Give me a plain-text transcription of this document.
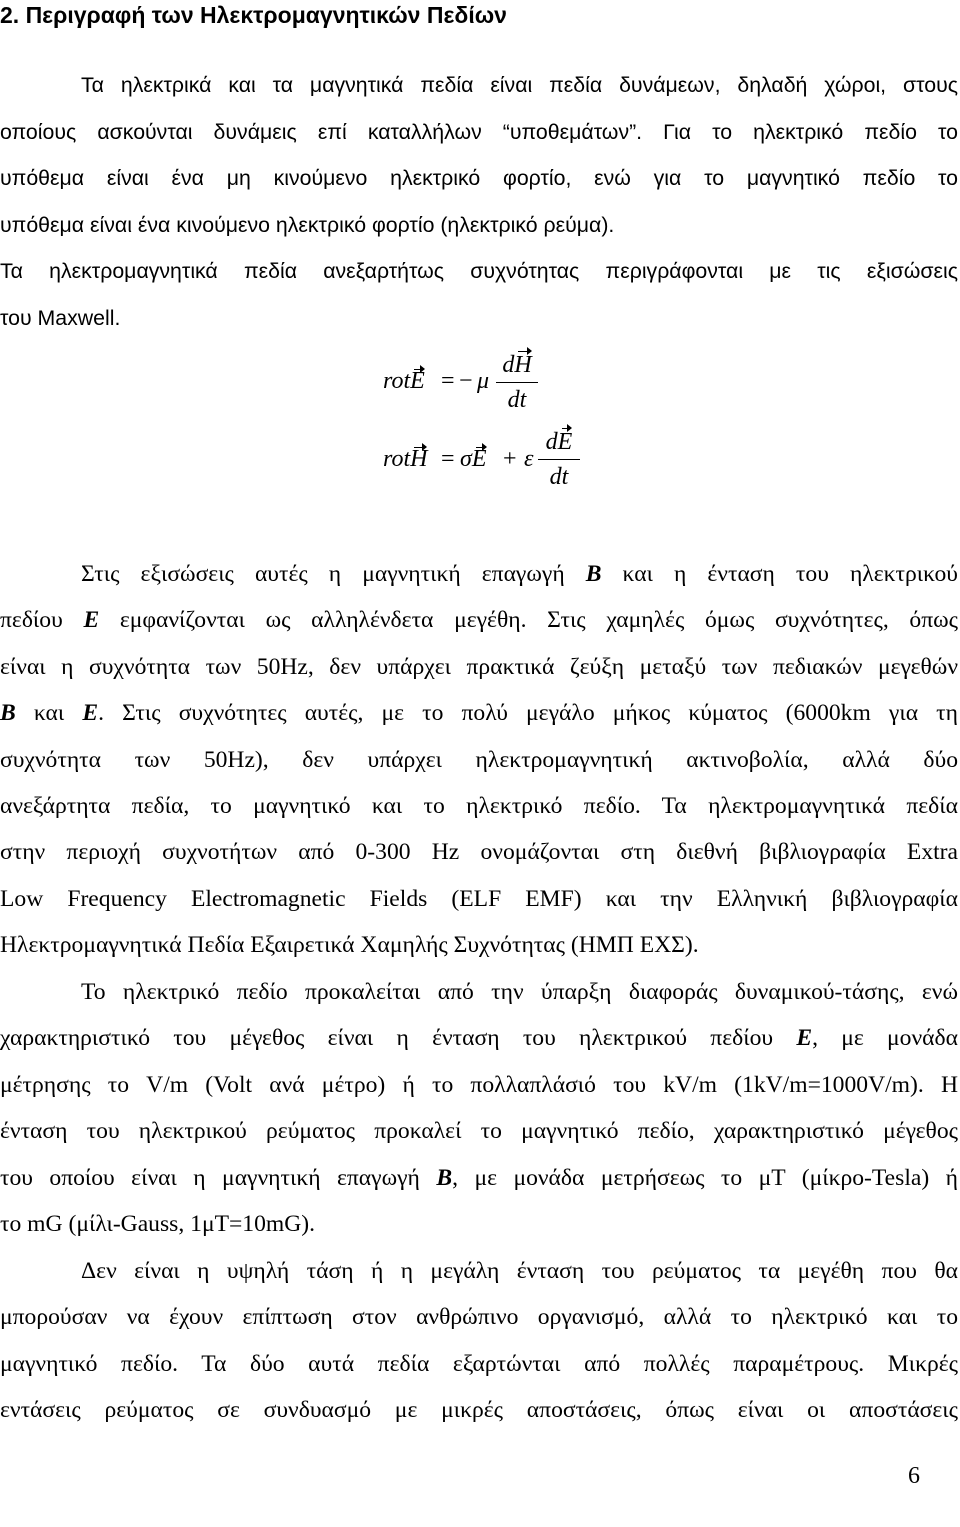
2. Περιγραφή των Ηλεκτρομαγνητικών Πεδίων
Τα ηλεκτρικά και τα μαγνητικά πεδία είναι πεδία δυνάμεων, δηλαδή χώροι, στους
οποίους ασκούνται δυνάμεις επί καταλλήλων “υποθεμάτων”. Για το ηλεκτρικό πεδίο το
υπόθεμα είναι ένα μη κινούμενο ηλεκτρικό φορτίο, ενώ για το μαγνητικό πεδίο το
υπόθεμα είναι ένα κινούμενο ηλεκτρικό φορτίο (ηλεκτρικό ρεύμα).
Τα ηλεκτρομαγνητικά πεδία ανεξαρτήτως συχνότητας περιγράφονται με τις εξισώσεις
του Maxwell.
rotE = − μ
dH
dt
rotH = σE + ε
dE
dt
Στις εξισώσεις αυτές η μαγνητική επαγωγή B και η ένταση του ηλεκτρικού
πεδίου E εμφανίζονται ως αλληλένδετα μεγέθη. Στις χαμηλές όμως συχνότητες, όπως
είναι η συχνότητα των 50Hz, δεν υπάρχει πρακτικά ζεύξη μεταξύ των πεδιακών μεγεθών
B και E. Στις συχνότητες αυτές, με το πολύ μεγάλο μήκος κύματος (6000km για τη
συχνότητα των 50Hz), δεν υπάρχει ηλεκτρομαγνητική ακτινοβολία, αλλά δύο
ανεξάρτητα πεδία, το μαγνητικό και το ηλεκτρικό πεδίο. Τα ηλεκτρομαγνητικά πεδία
στην περιοχή συχνοτήτων από 0-300 Hz ονομάζονται στη διεθνή βιβλιογραφία Extra
Low Frequency Electromagnetic Fields (ELF EMF) και την Ελληνική βιβλιογραφία
Ηλεκτρομαγνητικά Πεδία Εξαιρετικά Χαμηλής Συχνότητας (ΗΜΠ ΕΧΣ).
Το ηλεκτρικό πεδίο προκαλείται από την ύπαρξη διαφοράς δυναμικού-τάσης, ενώ
χαρακτηριστικό του μέγεθος είναι η ένταση του ηλεκτρικού πεδίου E, με μονάδα
μέτρησης το V/m (Volt ανά μέτρο) ή το πολλαπλάσιό του kV/m (1kV/m=1000V/m). Η
ένταση του ηλεκτρικού ρεύματος προκαλεί το μαγνητικό πεδίο, χαρακτηριστικό μέγεθος
του οποίου είναι η μαγνητική επαγωγή B, με μονάδα μετρήσεως το μT (μίκρο-Tesla) ή
το mG (μίλι-Gauss, 1μT=10mG).
Δεν είναι η υψηλή τάση ή η μεγάλη ένταση του ρεύματος τα μεγέθη που θα
μπορούσαν να έχουν επίπτωση στον ανθρώπινο οργανισμό, αλλά το ηλεκτρικό και το
μαγνητικό πεδίο. Τα δύο αυτά πεδία εξαρτώνται από πολλές παραμέτρους. Μικρές
εντάσεις ρεύματος σε συνδυασμό με μικρές αποστάσεις, όπως είναι οι αποστάσεις
6
